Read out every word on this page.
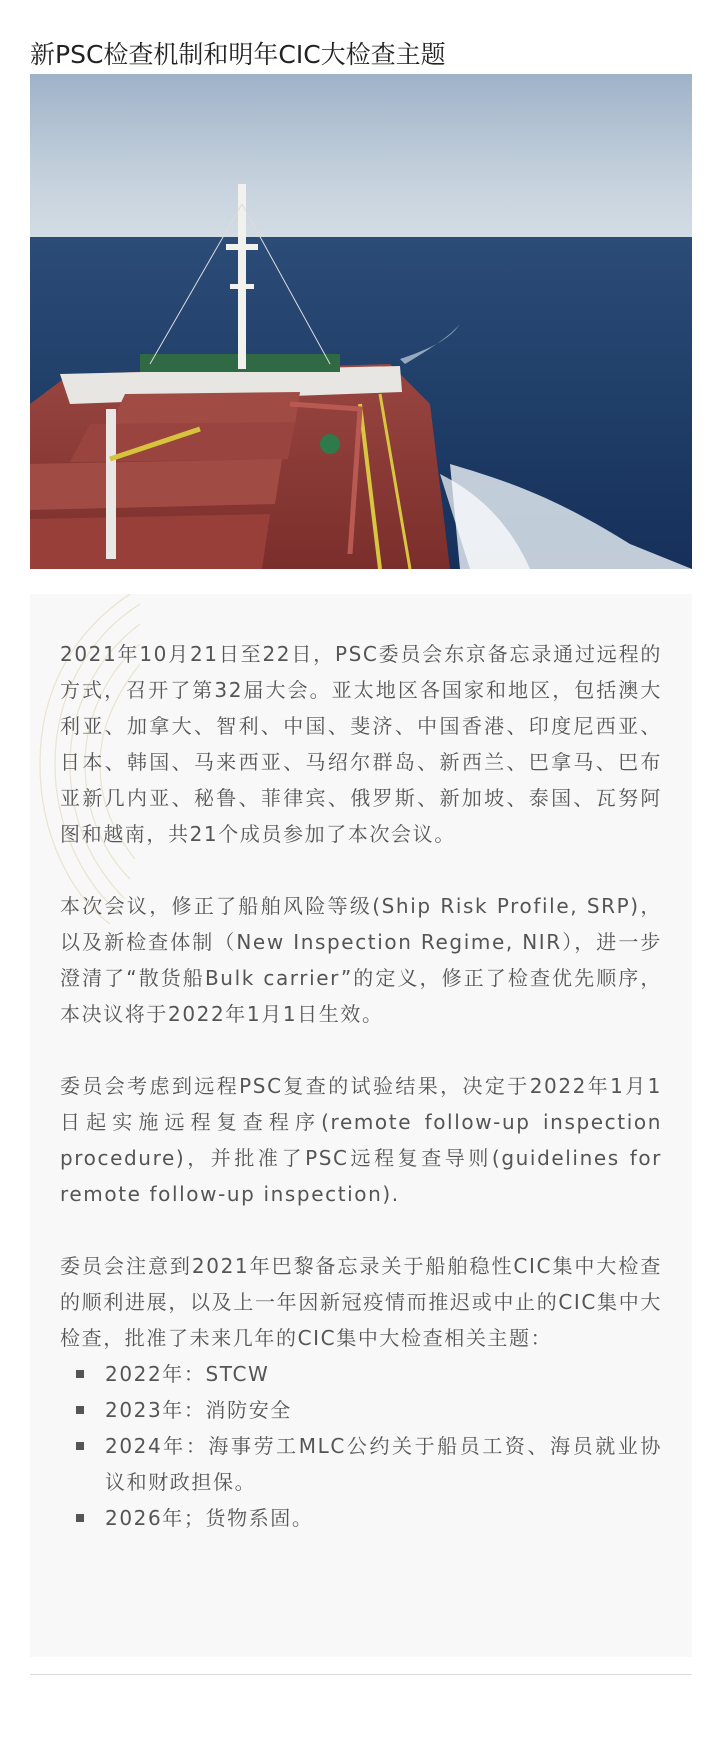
新PSC检查机制和明年CIC大检查主题

2021年10月21日至22日，PSC委员会东京备忘录通过远程的方式，召开了第32届大会。亚太地区各国家和地区，包括澳大利亚、加拿大、智利、中国、斐济、中国香港、印度尼西亚、日本、韩国、马来西亚、马绍尔群岛、新西兰、巴拿马、巴布亚新几内亚、秘鲁、菲律宾、俄罗斯、新加坡、泰国、瓦努阿图和越南，共21个成员参加了本次会议。

本次会议，修正了船舶风险等级(Ship Risk Profile, SRP)，以及新检查体制（New Inspection Regime, NIR），进一步澄清了“散货船Bulk carrier”的定义，修正了检查优先顺序，本决议将于2022年1月1日生效。

委员会考虑到远程PSC复查的试验结果，决定于2022年1月1日起实施远程复查程序(remote follow-up inspection procedure)，并批准了PSC远程复查导则(guidelines for remote follow-up inspection).

委员会注意到2021年巴黎备忘录关于船舶稳性CIC集中大检查的顺利进展，以及上一年因新冠疫情而推迟或中止的CIC集中大检查，批准了未来几年的CIC集中大检查相关主题：

2022年：STCW
2023年：消防安全
2024年：海事劳工MLC公约关于船员工资、海员就业协议和财政担保。
2026年；货物系固。
